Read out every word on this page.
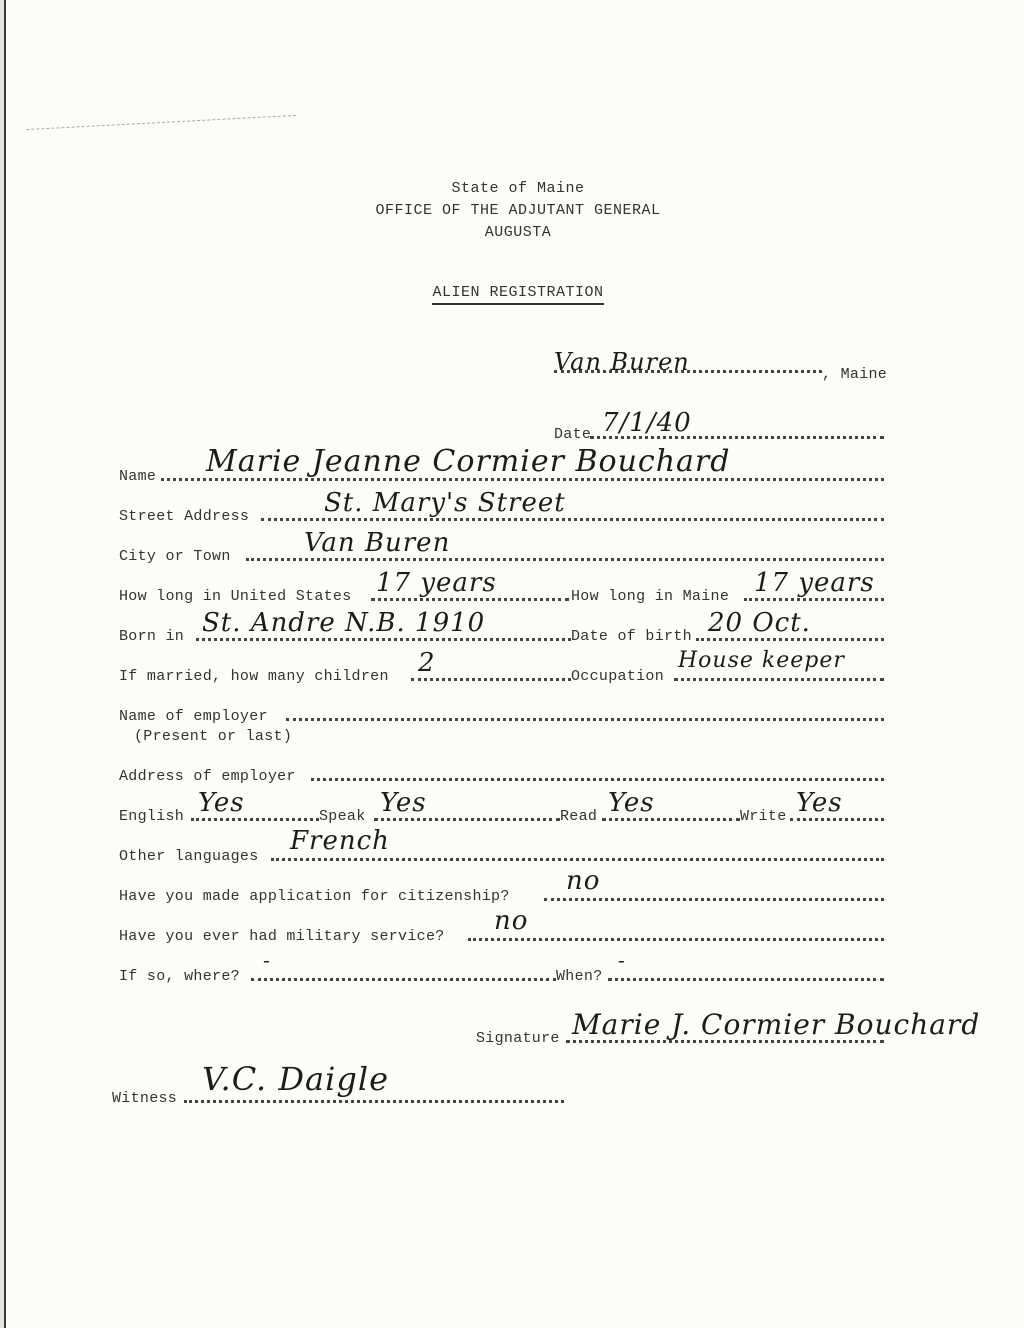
State of Maine
OFFICE OF THE ADJUTANT GENERAL
AUGUSTA
ALIEN REGISTRATION
Van Buren	, Maine
Date 7/1/40
Name Marie Jeanne Cormier Bouchard
Street Address	St. Mary's Street
City or Town	Van Buren
How long in United States 17 years	How long in Maine 17 years
Born in St. Andre N.B. 1910	Date of birth 20 Oct.
If married, how many children 2	Occupation
House keeper
Name of employer
(Present or last)
Address of employer
English Yes	Speak Yes	Read Yes	Write Yes
Other languages
French
Have you made application for citizenship?
no
Have you ever had military service?
no
If so, where?
-
When?
-
Signature Marie J. Cormier Bouchard
Witness
V.C. Daigle
